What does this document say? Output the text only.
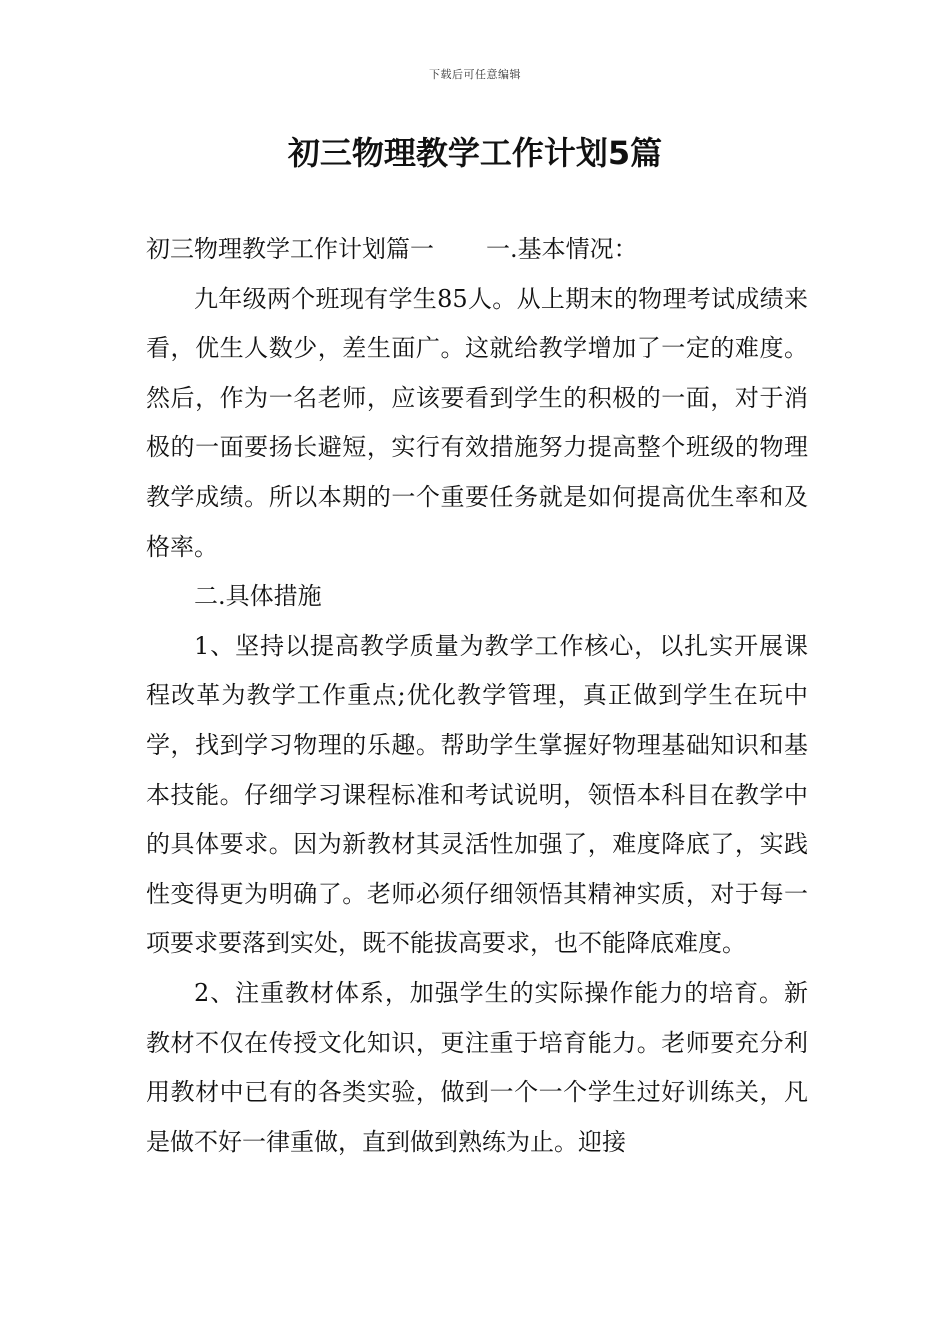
下载后可任意编辑
初三物理教学工作计划5篇

初三物理教学工作计划篇一 一.基本情况：

九年级两个班现有学生85人。从上期末的物理考试成绩来看，优生人数少，差生面广。这就给教学增加了一定的难度。然后，作为一名老师，应该要看到学生的积极的一面，对于消极的一面要扬长避短，实行有效措施努力提高整个班级的物理教学成绩。所以本期的一个重要任务就是如何提高优生率和及格率。

二.具体措施

1、坚持以提高教学质量为教学工作核心，以扎实开展课程改革为教学工作重点;优化教学管理，真正做到学生在玩中学，找到学习物理的乐趣。帮助学生掌握好物理基础知识和基本技能。仔细学习课程标准和考试说明，领悟本科目在教学中的具体要求。因为新教材其灵活性加强了，难度降底了，实践性变得更为明确了。老师必须仔细领悟其精神实质，对于每一项要求要落到实处，既不能拔高要求，也不能降底难度。

2、注重教材体系，加强学生的实际操作能力的培育。新教材不仅在传授文化知识，更注重于培育能力。老师要充分利用教材中已有的各类实验，做到一个一个学生过好训练关，凡是做不好一律重做，直到做到熟练为止。迎接
